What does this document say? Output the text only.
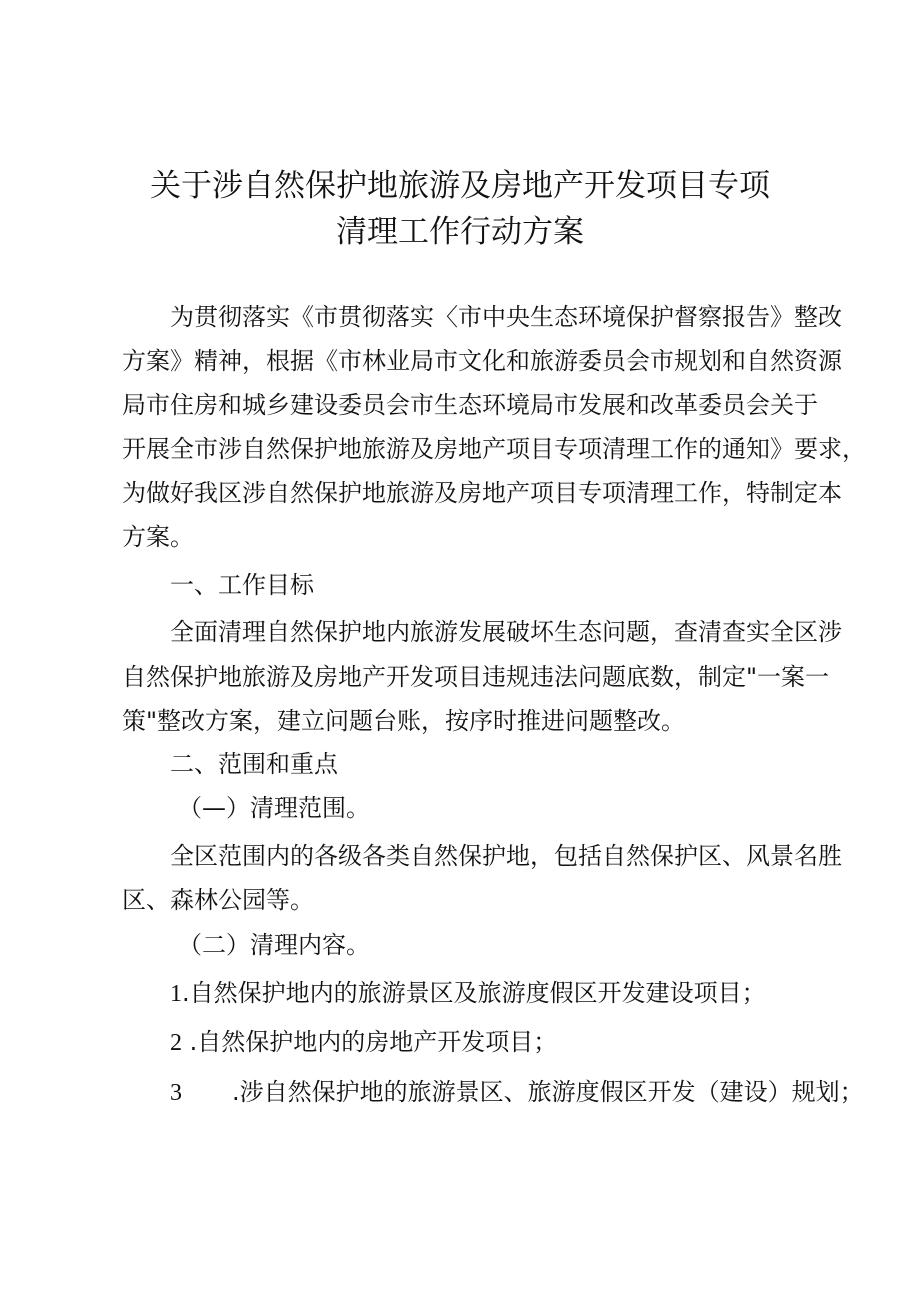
关于涉自然保护地旅游及房地产开发项目专项
清理工作行动方案
为贯彻落实《市贯彻落实〈市中央生态环境保护督察报告》整改
方案》精神，根据《市林业局市文化和旅游委员会市规划和自然资源
局市住房和城乡建设委员会市生态环境局市发展和改革委员会关于
开展全市涉自然保护地旅游及房地产项目专项清理工作的通知》要求，
为做好我区涉自然保护地旅游及房地产项目专项清理工作，特制定本
方案。
一、工作目标
全面清理自然保护地内旅游发展破坏生态问题，查清查实全区涉
自然保护地旅游及房地产开发项目违规违法问题底数，制定"一案一
策"整改方案，建立问题台账，按序时推进问题整改。
二、范围和重点
（—）清理范围。
全区范围内的各级各类自然保护地，包括自然保护区、风景名胜
区、森林公园等。
（二）清理内容。
1.自然保护地内的旅游景区及旅游度假区开发建设项目；
2 .自然保护地内的房地产开发项目；
3 .涉自然保护地的旅游景区、旅游度假区开发（建设）规划；
